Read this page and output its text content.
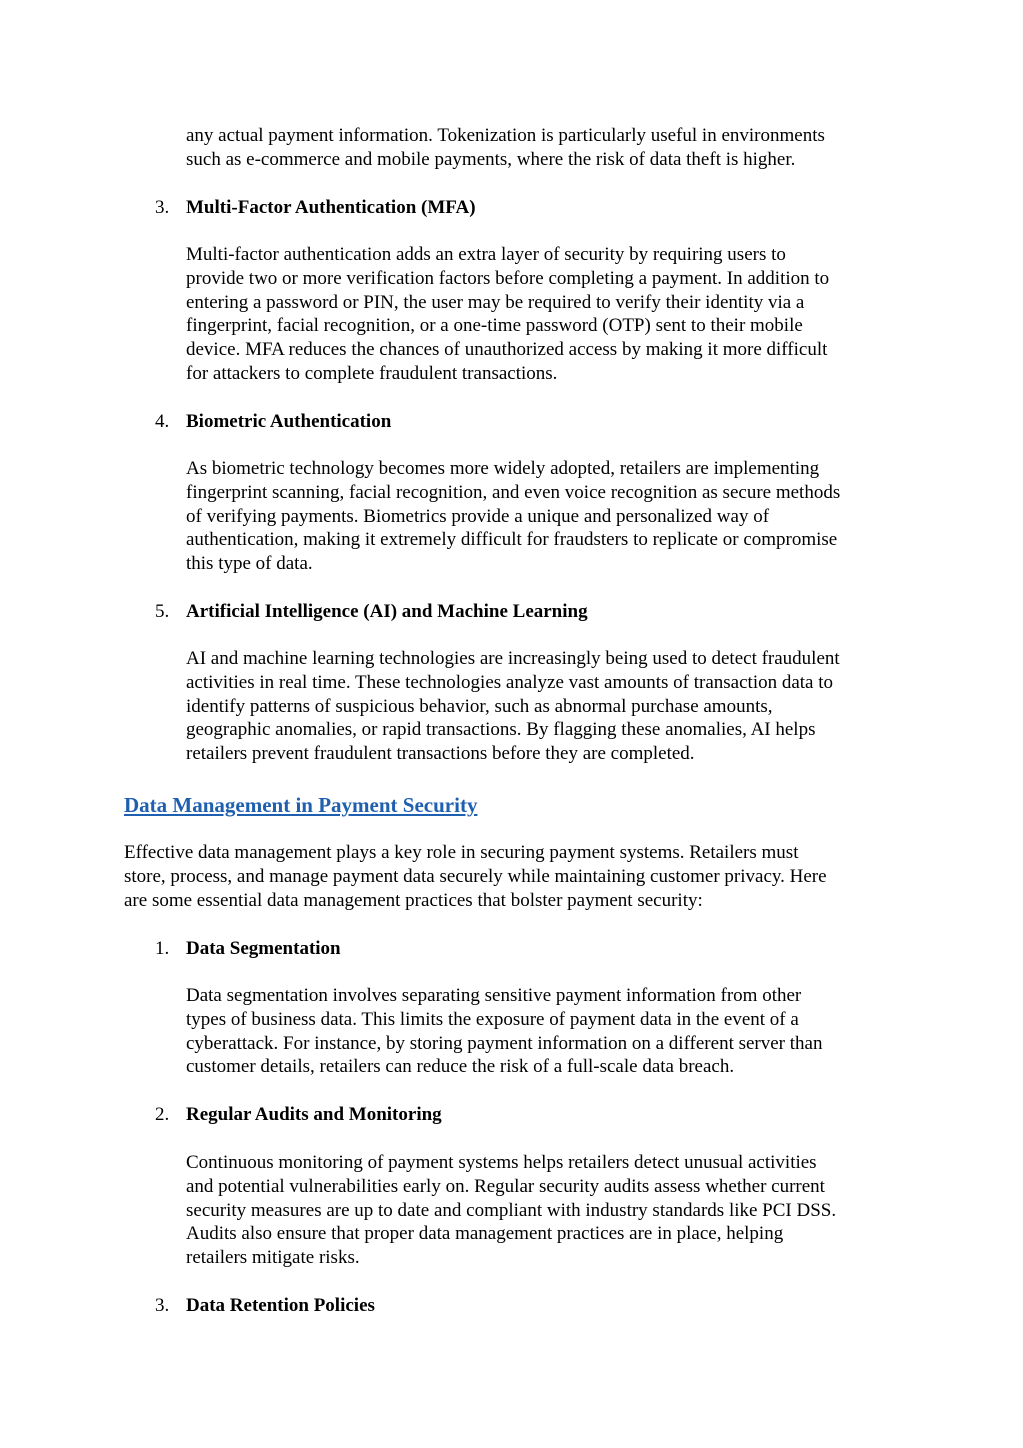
any actual payment information. Tokenization is particularly useful in environments
such as e-commerce and mobile payments, where the risk of data theft is higher.

3. Multi-Factor Authentication (MFA)

Multi-factor authentication adds an extra layer of security by requiring users to
provide two or more verification factors before completing a payment. In addition to
entering a password or PIN, the user may be required to verify their identity via a
fingerprint, facial recognition, or a one-time password (OTP) sent to their mobile
device. MFA reduces the chances of unauthorized access by making it more difficult
for attackers to complete fraudulent transactions.

4. Biometric Authentication

As biometric technology becomes more widely adopted, retailers are implementing
fingerprint scanning, facial recognition, and even voice recognition as secure methods
of verifying payments. Biometrics provide a unique and personalized way of
authentication, making it extremely difficult for fraudsters to replicate or compromise
this type of data.

5. Artificial Intelligence (AI) and Machine Learning

AI and machine learning technologies are increasingly being used to detect fraudulent
activities in real time. These technologies analyze vast amounts of transaction data to
identify patterns of suspicious behavior, such as abnormal purchase amounts,
geographic anomalies, or rapid transactions. By flagging these anomalies, AI helps
retailers prevent fraudulent transactions before they are completed.

Data Management in Payment Security

Effective data management plays a key role in securing payment systems. Retailers must
store, process, and manage payment data securely while maintaining customer privacy. Here
are some essential data management practices that bolster payment security:

1. Data Segmentation

Data segmentation involves separating sensitive payment information from other
types of business data. This limits the exposure of payment data in the event of a
cyberattack. For instance, by storing payment information on a different server than
customer details, retailers can reduce the risk of a full-scale data breach.

2. Regular Audits and Monitoring

Continuous monitoring of payment systems helps retailers detect unusual activities
and potential vulnerabilities early on. Regular security audits assess whether current
security measures are up to date and compliant with industry standards like PCI DSS.
Audits also ensure that proper data management practices are in place, helping
retailers mitigate risks.

3. Data Retention Policies
